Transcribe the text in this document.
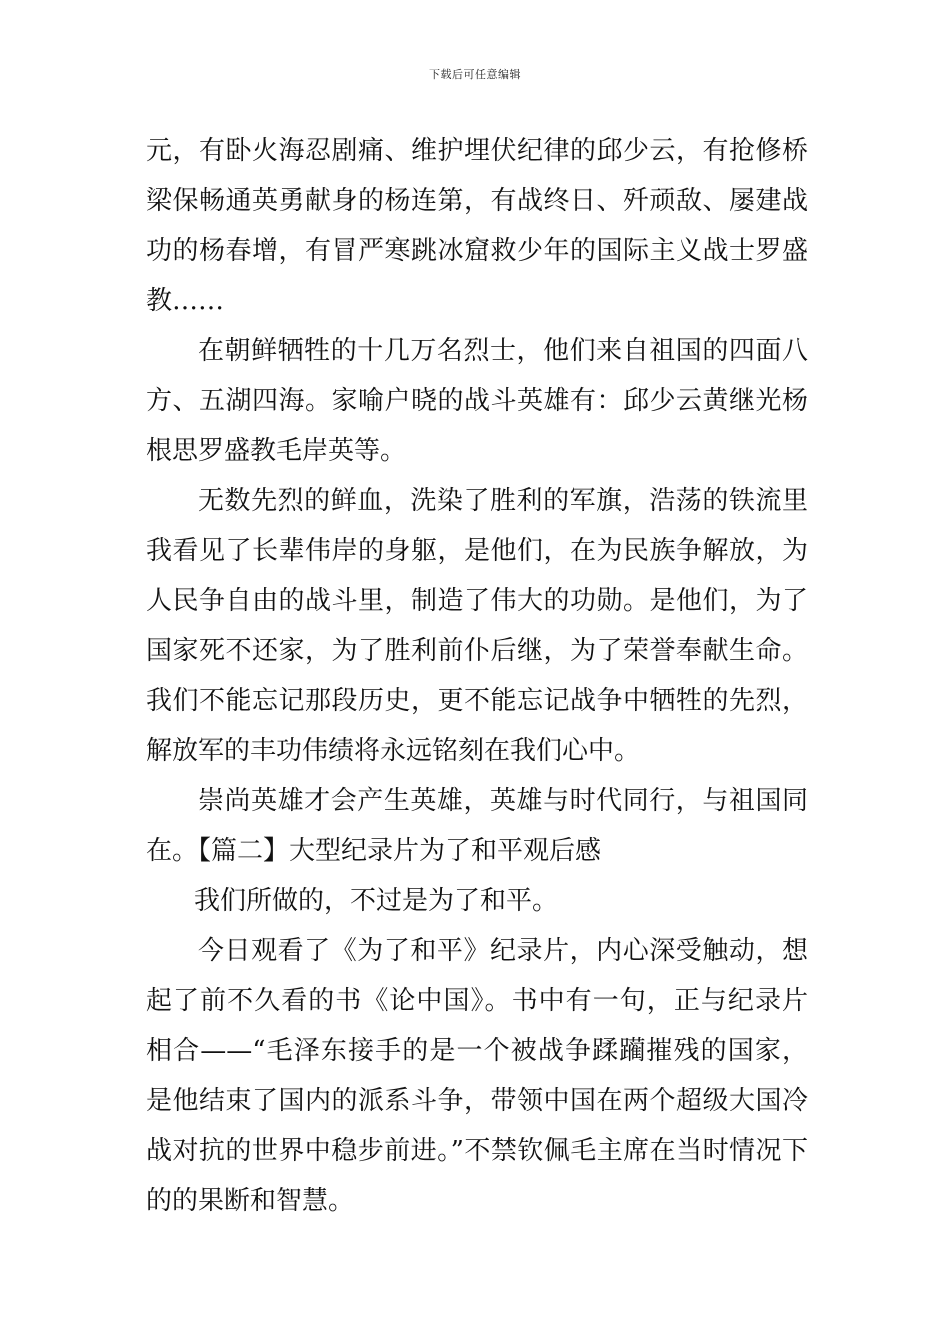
下载后可任意编辑

元，有卧火海忍剧痛、维护埋伏纪律的邱少云，有抢修桥梁保畅通英勇献身的杨连第，有战终日、歼顽敌、屡建战功的杨春增，有冒严寒跳冰窟救少年的国际主义战士罗盛教……

在朝鲜牺牲的十几万名烈士，他们来自祖国的四面八方、五湖四海。家喻户晓的战斗英雄有：邱少云黄继光杨根思罗盛教毛岸英等。

无数先烈的鲜血，洗染了胜利的军旗，浩荡的铁流里我看见了长辈伟岸的身躯，是他们，在为民族争解放，为人民争自由的战斗里，制造了伟大的功勋。是他们，为了国家死不还家，为了胜利前仆后继，为了荣誉奉献生命。我们不能忘记那段历史，更不能忘记战争中牺牲的先烈，解放军的丰功伟绩将永远铭刻在我们心中。

崇尚英雄才会产生英雄，英雄与时代同行，与祖国同在。【篇二】大型纪录片为了和平观后感

我们所做的，不过是为了和平。

今日观看了《为了和平》纪录片，内心深受触动，想起了前不久看的书《论中国》。书中有一句，正与纪录片相合——“毛泽东接手的是一个被战争蹂躏摧残的国家，是他结束了国内的派系斗争，带领中国在两个超级大国冷战对抗的世界中稳步前进。”不禁钦佩毛主席在当时情况下的的果断和智慧。
